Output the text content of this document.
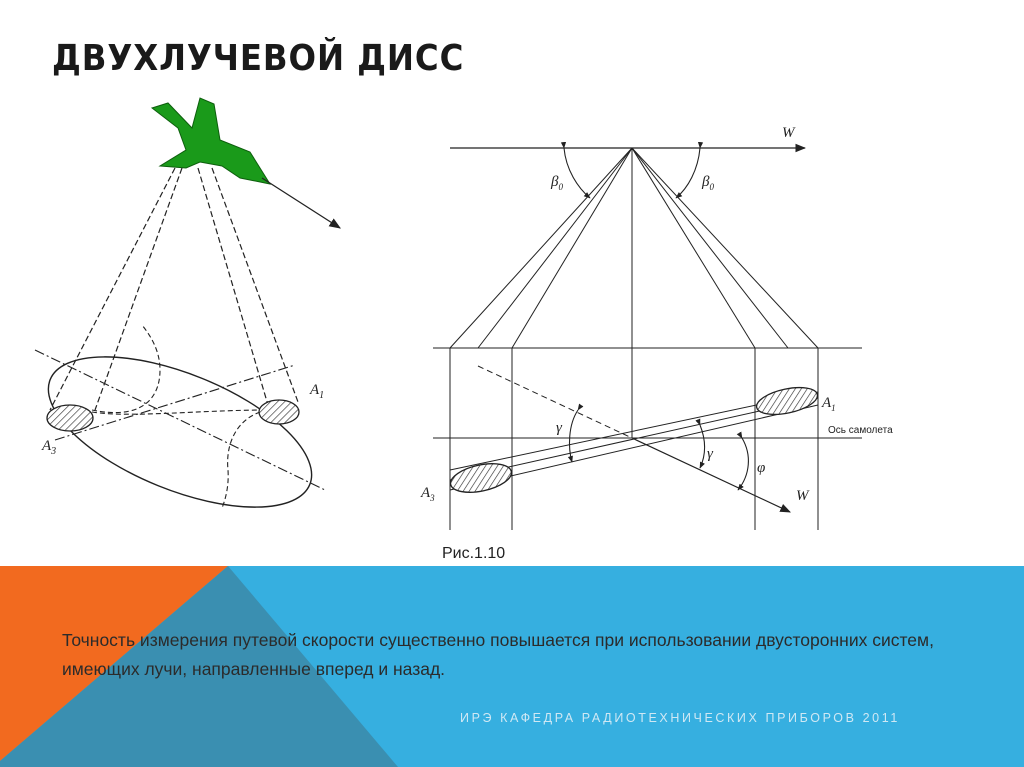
ДВУХЛУЧЕВОЙ ДИСС
$A_1$
$A_3$
W
$\beta_0$	$\beta_0$
Ось самолета
W
$A_1$
$A_3$
γ
γ
φ
Рис.1.10
Точность измерения путевой скорости существенно повышается при использовании двусторонних систем, имеющих лучи, направленные вперед и назад.
ИРЭ КАФЕДРА РАДИОТЕХНИЧЕСКИХ ПРИБОРОВ 2011
